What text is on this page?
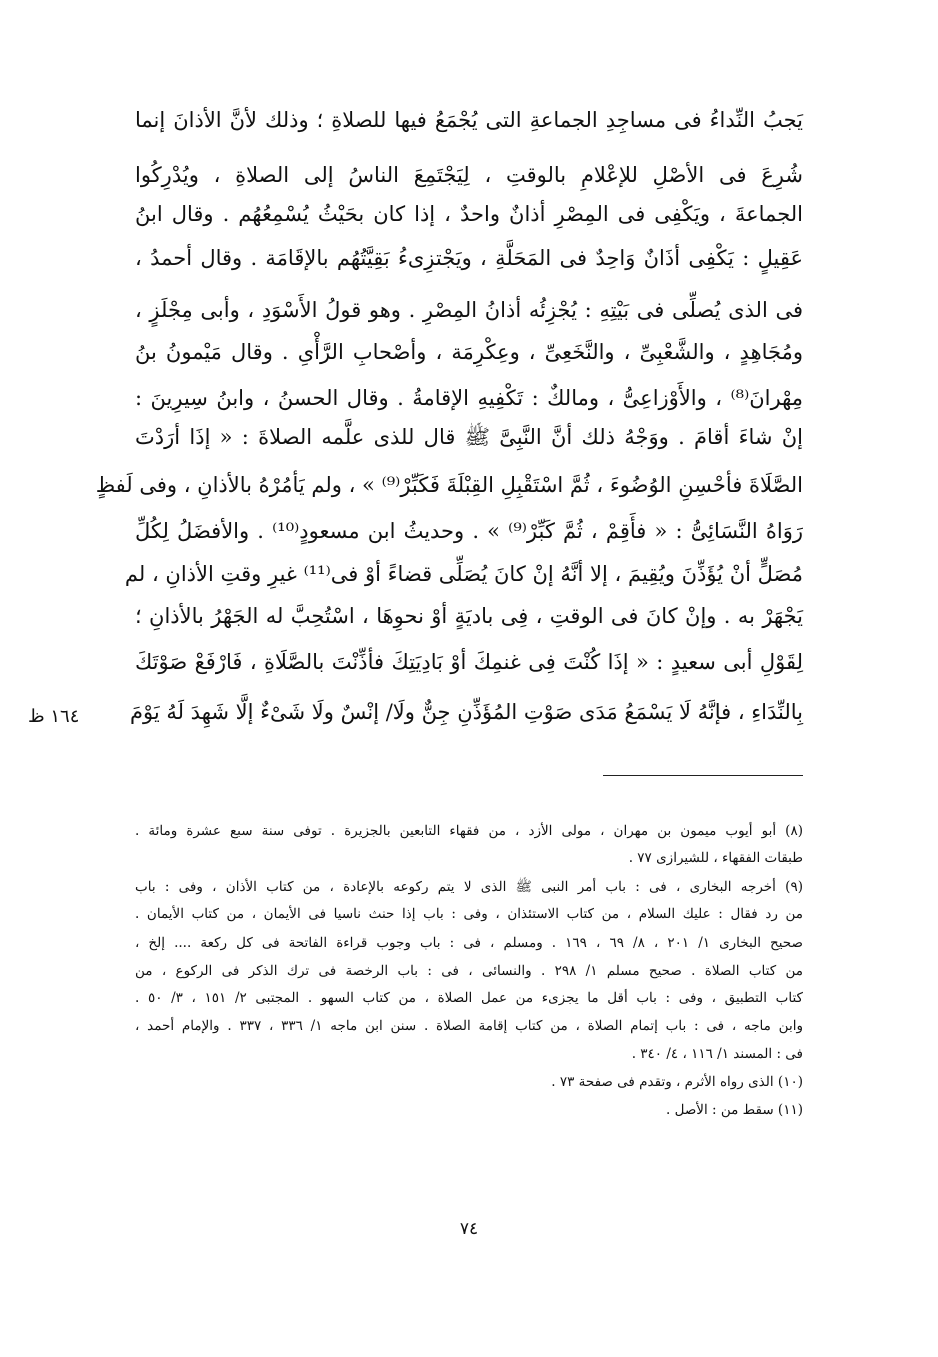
يَجبُ النِّداءُ فى مساجِدِ الجماعةِ التى يُجْمَعُ فيها للصلاةِ ؛ وذلك لأنَّ الأذانَ إنما

شُرِعَ فى الأصْلِ للإعْلامِ بالوقتِ ، لِيَجْتَمِعَ الناسُ إلى الصلاةِ ، ويُدْرِكُوا

الجماعةَ ، ويَكْفِى فى المِصْرِ أذانٌ واحدٌ ، إذا كان بحَيْثُ يُسْمِعُهُم . وقال ابنُ

عَقِيلٍ : يَكْفِى أذَانٌ وَاحِدٌ فى المَحَلَّةِ ، ويَجْتزِىءُ بَقِيَّتُهُم بالإقَامَة . وقال أحمدُ ،

فى الذى يُصلِّى فى بَيْتِهِ : يُجْزِئُه أذانُ المِصْرِ . وهو قولُ الأَسْوَدِ ، وأبى مِجْلَزٍ ،

ومُجَاهِدٍ ، والشَّعْبِىِّ ، والنَّخَعِىِّ ، وعِكْرِمَة ، وأصْحابِ الرَّأْىِ . وقال مَيْمونُ بنُ

مِهْرانَ⁽⁸⁾ ، والأَوْزاعِىُّ ، ومالكٌ : تَكْفِيهِ الإقامةُ . وقال الحسنُ ، وابنُ سِيرِينَ :

إنْ شاءَ أقامَ . ووَجْهُ ذلك أنَّ النَّبِىَّ ﷺ قال للذى علَّمه الصلاةَ : « إذَا أرَدْتَ

الصَّلَاةَ فأحْسِنِ الوُضُوءَ ، ثُمَّ اسْتَقْبِلِ القِبْلَةَ فَكَبِّرْ⁽⁹⁾ » ، ولم يَأمُرْهُ بالأذانِ ، وفى لَفظٍ

رَوَاهُ النَّسَائِىُّ : « فأَقِمْ ، ثُمَّ كَبِّرْ⁽⁹⁾ » . وحديثُ ابن مسعودٍ⁽¹⁰⁾ . والأفضَلُ لِكُلِّ

مُصَلٍّ أنْ يُؤَذِّنَ ويُقِيمَ ، إلا أنَّهُ إنْ كانَ يُصَلِّى قضاءً أوْ فى⁽¹¹⁾ غيرِ وقتِ الأذانِ ، لم

يَجْهَرْ به . وإنْ كانَ فى الوقتِ ، فِى باديَةٍ أوْ نحوِهَا ، اسْتُحِبَّ له الجَهْرُ بالأذانِ ؛

لِقَوْلِ أبى سعيدٍ : « إذَا كُنْتَ فِى غنمِكَ أوْ بَادِيَتِكَ فأذِّنْتَ بالصَّلَاةِ ، فَارْفَعْ صَوْتَكَ

بِالنِّدَاءِ ، فإنَّهُ لَا يَسْمَعُ مَدَى صَوْتِ المُؤَذِّنِ جِنٌّ ولَا/ إنْسٌ ولَا شَىْءٌ إلَّا شَهِدَ لَهُ يَوْمَ

١٦٤ ظ

(٨) أبو أيوب ميمون بن مهران ، مولى الأزد ، من فقهاء التابعين بالجزيرة . توفى سنة سبع عشرة ومائة .

طبقات الفقهاء ، للشيرازى ٧٧ .

(٩) أخرجه البخارى ، فى : باب أمر النبى ﷺ الذى لا يتم ركوعه بالإعادة ، من كتاب الأذان ، وفى : باب

من رد فقال : عليك السلام ، من كتاب الاستئذان ، وفى : باب إذا حنث ناسيا فى الأيمان ، من كتاب الأيمان .

صحيح البخارى ١/ ٢٠١ ، ٨/ ٦٩ ، ١٦٩ . ومسلم ، فى : باب وجوب قراءة الفاتحة فى كل ركعة .... إلخ ،

من كتاب الصلاة . صحيح مسلم ١/ ٢٩٨ . والنسائى ، فى : باب الرخصة فى ترك الذكر فى الركوع ، من

كتاب التطبيق ، وفى : باب أقل ما يجزىء من عمل الصلاة ، من كتاب السهو . المجتبى ٢/ ١٥١ ، ٣/ ٥٠ .

وابن ماجه ، فى : باب إتمام الصلاة ، من كتاب إقامة الصلاة . سنن ابن ماجه ١/ ٣٣٦ ، ٣٣٧ . والإمام أحمد ،

فى : المسند ١/ ١١٦ ، ٤/ ٣٤٠ .

(١٠) الذى رواه الأثرم ، وتقدم فى صفحة ٧٣ .

(١١) سقط من : الأصل .

٧٤
